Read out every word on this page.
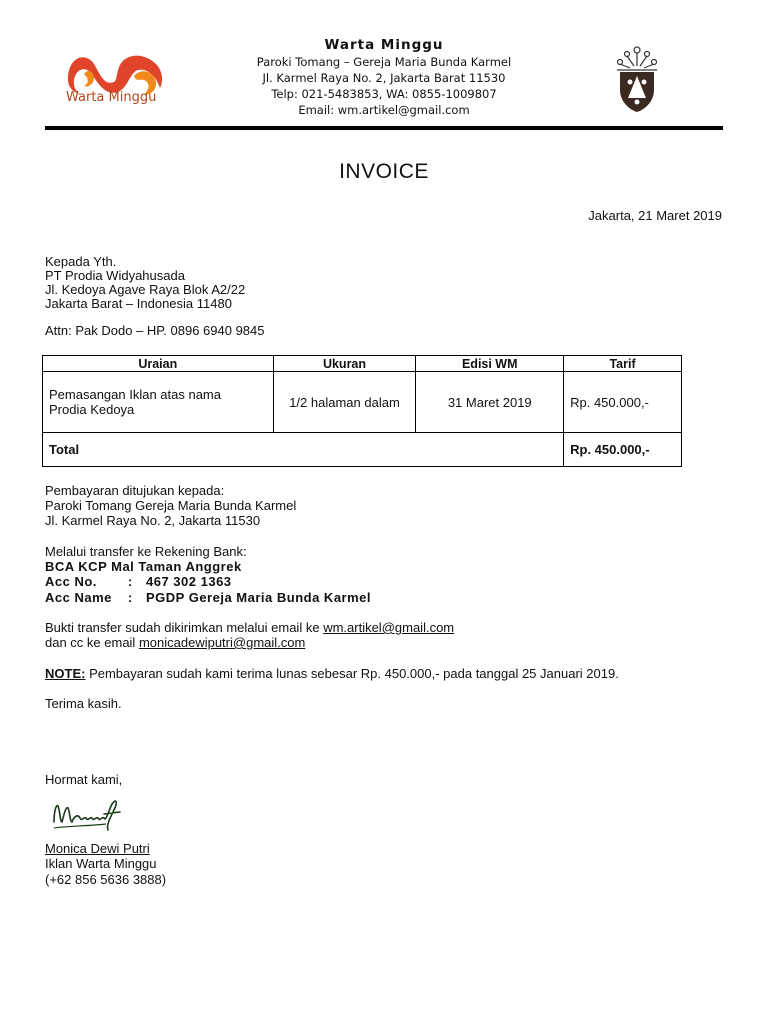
Warta Minggu
Warta Minggu
Paroki Tomang – Gereja Maria Bunda Karmel
Jl. Karmel Raya No. 2, Jakarta Barat 11530
Telp: 021-5483853, WA: 0855-1009807
Email: wm.artikel@gmail.com
INVOICE
Jakarta, 21 Maret 2019
Kepada Yth.
PT Prodia Widyahusada
Jl. Kedoya Agave Raya Blok A2/22
Jakarta Barat – Indonesia 11480
Attn: Pak Dodo – HP. 0896 6940 9845
Uraian	Ukuran	Edisi WM	Tarif

Pemasangan Iklan atas nama
Prodia Kedoya	1/2 halaman dalam	31 Maret 2019	Rp. 450.000,-
Total			Rp. 450.000,-
Pembayaran ditujukan kepada:
Paroki Tomang Gereja Maria Bunda Karmel
Jl. Karmel Raya No. 2, Jakarta 11530
Melalui transfer ke Rekening Bank:
BCA KCP Mal Taman Anggrek
Acc No. : 467 302 1363
Acc Name : PGDP Gereja Maria Bunda Karmel
Bukti transfer sudah dikirimkan melalui email ke wm.artikel@gmail.com
dan cc ke email monicadewiputri@gmail.com
NOTE: Pembayaran sudah kami terima lunas sebesar Rp. 450.000,- pada tanggal 25 Januari 2019.
Terima kasih.
Hormat kami,
Monica Dewi Putri
Iklan Warta Minggu
(+62 856 5636 3888)
